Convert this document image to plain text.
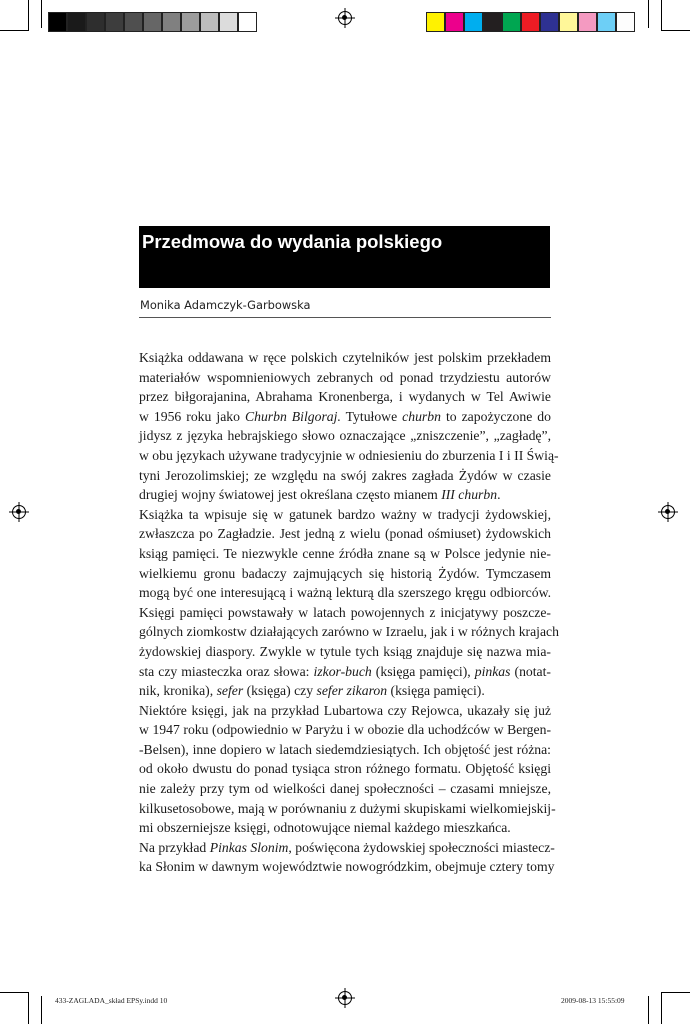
Przedmowa do wydania polskiego
Monika Adamczyk-Garbowska

Książka oddawana w ręce polskich czytelników jest polskim przekładem
materiałów wspomnieniowych zebranych od ponad trzydziestu autorów
przez biłgorajanina, Abrahama Kronenberga, i wydanych w Tel Awiwie
w 1956 roku jako Churbn Bilgoraj. Tytułowe churbn to zapożyczone do
jidysz z języka hebrajskiego słowo oznaczające „zniszczenie”, „zagładę”,
w obu językach używane tradycyjnie w odniesieniu do zburzenia I i II Świą-
tyni Jerozolimskiej; ze względu na swój zakres zagłada Żydów w czasie
drugiej wojny światowej jest określana często mianem III churbn.

Książka ta wpisuje się w gatunek bardzo ważny w tradycji żydowskiej,
zwłaszcza po Zagładzie. Jest jedną z wielu (ponad ośmiuset) żydowskich
ksiąg pamięci. Te niezwykle cenne źródła znane są w Polsce jedynie nie-
wielkiemu gronu badaczy zajmujących się historią Żydów. Tymczasem
mogą być one interesującą i ważną lekturą dla szerszego kręgu odbiorców.
Księgi pamięci powstawały w latach powojennych z inicjatywy poszcze-
gólnych ziomkostw działających zarówno w Izraelu, jak i w różnych krajach
żydowskiej diaspory. Zwykle w tytule tych ksiąg znajduje się nazwa mia-
sta czy miasteczka oraz słowa: izkor-buch (księga pamięci), pinkas (notat-
nik, kronika), sefer (księga) czy sefer zikaron (księga pamięci).

Niektóre księgi, jak na przykład Lubartowa czy Rejowca, ukazały się już
w 1947 roku (odpowiednio w Paryżu i w obozie dla uchodźców w Bergen-
-Belsen), inne dopiero w latach siedemdziesiątych. Ich objętość jest różna:
od około dwustu do ponad tysiąca stron różnego formatu. Objętość księgi
nie zależy przy tym od wielkości danej społeczności – czasami mniejsze,
kilkusetosobowe, mają w porównaniu z dużymi skupiskami wielkomiejskij-
mi obszerniejsze księgi, odnotowujące niemal każdego mieszkańca.

Na przykład Pinkas Slonim, poświęcona żydowskiej społeczności miastecz-
ka Słonim w dawnym województwie nowogródzkim, obejmuje cztery tomy

433-ZAGLADA_skład EPSy.indd 10	2009-08-13 15:55:09
